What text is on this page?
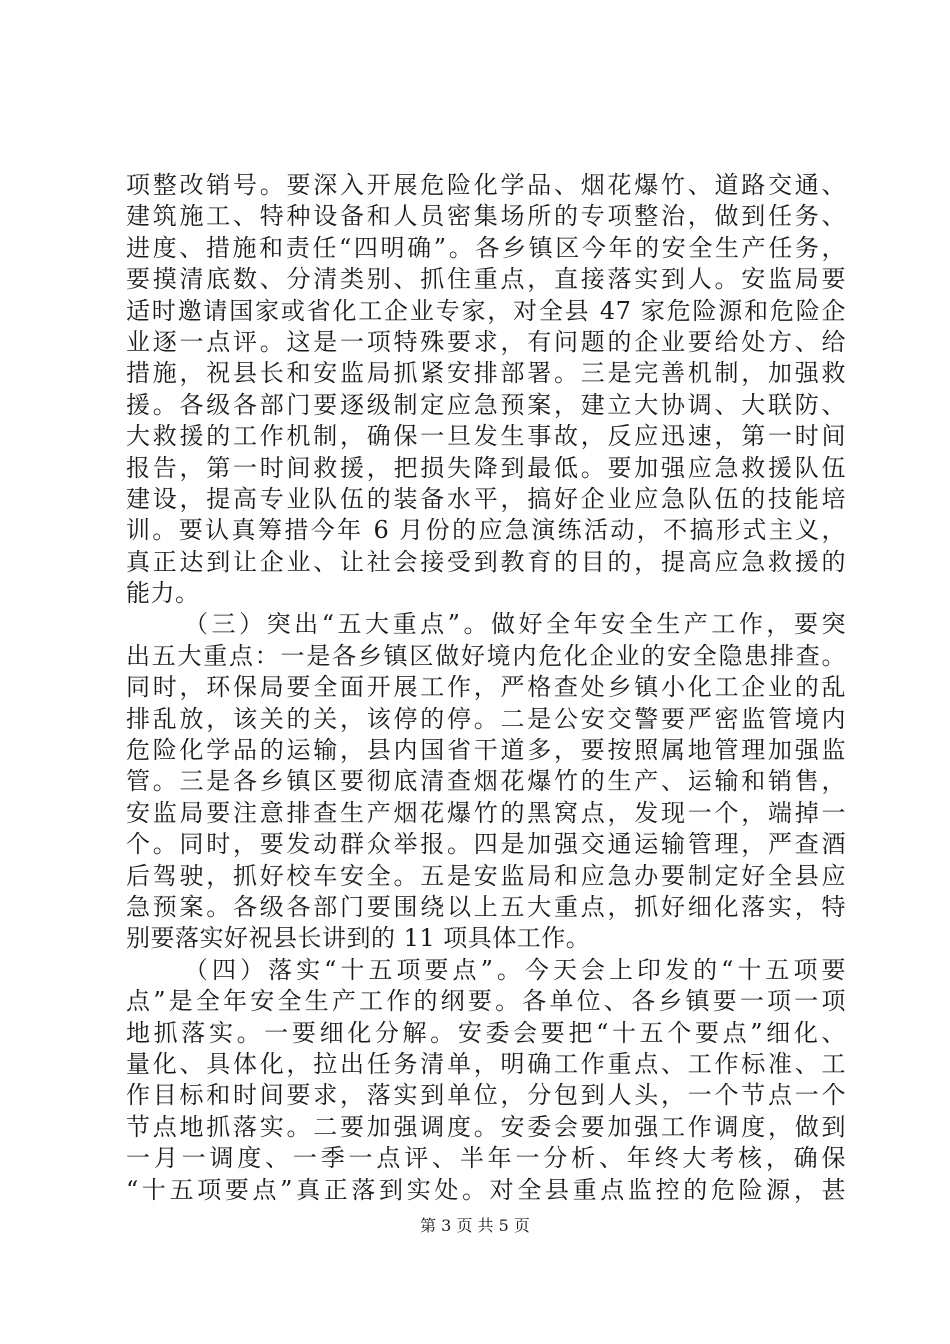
项整改销号。要深入开展危险化学品、烟花爆竹、道路交通、
建筑施工、特种设备和人员密集场所的专项整治，做到任务、
进度、措施和责任“四明确”。各乡镇区今年的安全生产任务，
要摸清底数、分清类别、抓住重点，直接落实到人。安监局要
适时邀请国家或省化工企业专家，对全县 47 家危险源和危险企
业逐一点评。这是一项特殊要求，有问题的企业要给处方、给
措施，祝县长和安监局抓紧安排部署。三是完善机制，加强救
援。各级各部门要逐级制定应急预案，建立大协调、大联防、
大救援的工作机制，确保一旦发生事故，反应迅速，第一时间
报告，第一时间救援，把损失降到最低。要加强应急救援队伍
建设，提高专业队伍的装备水平，搞好企业应急队伍的技能培
训。要认真筹措今年 6 月份的应急演练活动，不搞形式主义，
真正达到让企业、让社会接受到教育的目的，提高应急救援的
能力。
（三）突出“五大重点”。做好全年安全生产工作，要突
出五大重点：一是各乡镇区做好境内危化企业的安全隐患排查。
同时，环保局要全面开展工作，严格查处乡镇小化工企业的乱
排乱放，该关的关，该停的停。二是公安交警要严密监管境内
危险化学品的运输，县内国省干道多，要按照属地管理加强监
管。三是各乡镇区要彻底清查烟花爆竹的生产、运输和销售，
安监局要注意排查生产烟花爆竹的黑窝点，发现一个，端掉一
个。同时，要发动群众举报。四是加强交通运输管理，严查酒
后驾驶，抓好校车安全。五是安监局和应急办要制定好全县应
急预案。各级各部门要围绕以上五大重点，抓好细化落实，特
别要落实好祝县长讲到的 11 项具体工作。
（四）落实“十五项要点”。今天会上印发的“十五项要
点”是全年安全生产工作的纲要。各单位、各乡镇要一项一项
地抓落实。一要细化分解。安委会要把“十五个要点”细化、
量化、具体化，拉出任务清单，明确工作重点、工作标准、工
作目标和时间要求，落实到单位，分包到人头，一个节点一个
节点地抓落实。二要加强调度。安委会要加强工作调度，做到
一月一调度、一季一点评、半年一分析、年终大考核，确保
“十五项要点”真正落到实处。对全县重点监控的危险源，甚
第 3 页 共 5 页
